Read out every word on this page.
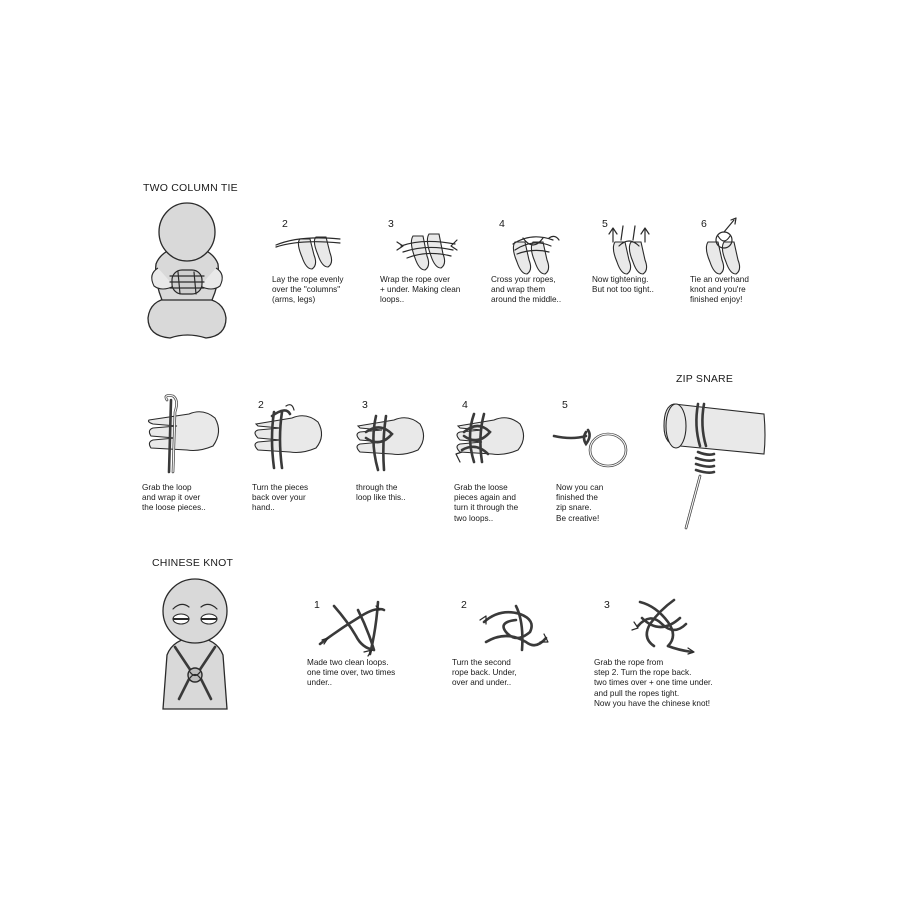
TWO COLUMN TIE
2
Lay the rope evenly
over the "columns"
(arms, legs)
3
Wrap the rope over
+ under. Making clean
loops..
4
Cross your ropes,
and wrap them
around the middle..
5
Now tightening.
But not too tight..
6
Tie an overhand
knot and you're
finished enjoy!
ZIP SNARE
Grab the loop
and wrap it over
the loose pieces..
2
Turn the pieces
back over your
hand..
3
through the
loop like this..
4
Grab the loose
pieces again and
turn it through the
two loops..
5
Now you can
finished the
zip snare.
Be creative!
CHINESE KNOT
1
Made two clean loops.
one time over, two times
under..
2
Turn the second
rope back. Under,
over and under..
3
Grab the rope from
step 2. Turn the rope back.
two times over + one time under.
and pull the ropes tight.
Now you have the chinese knot!
